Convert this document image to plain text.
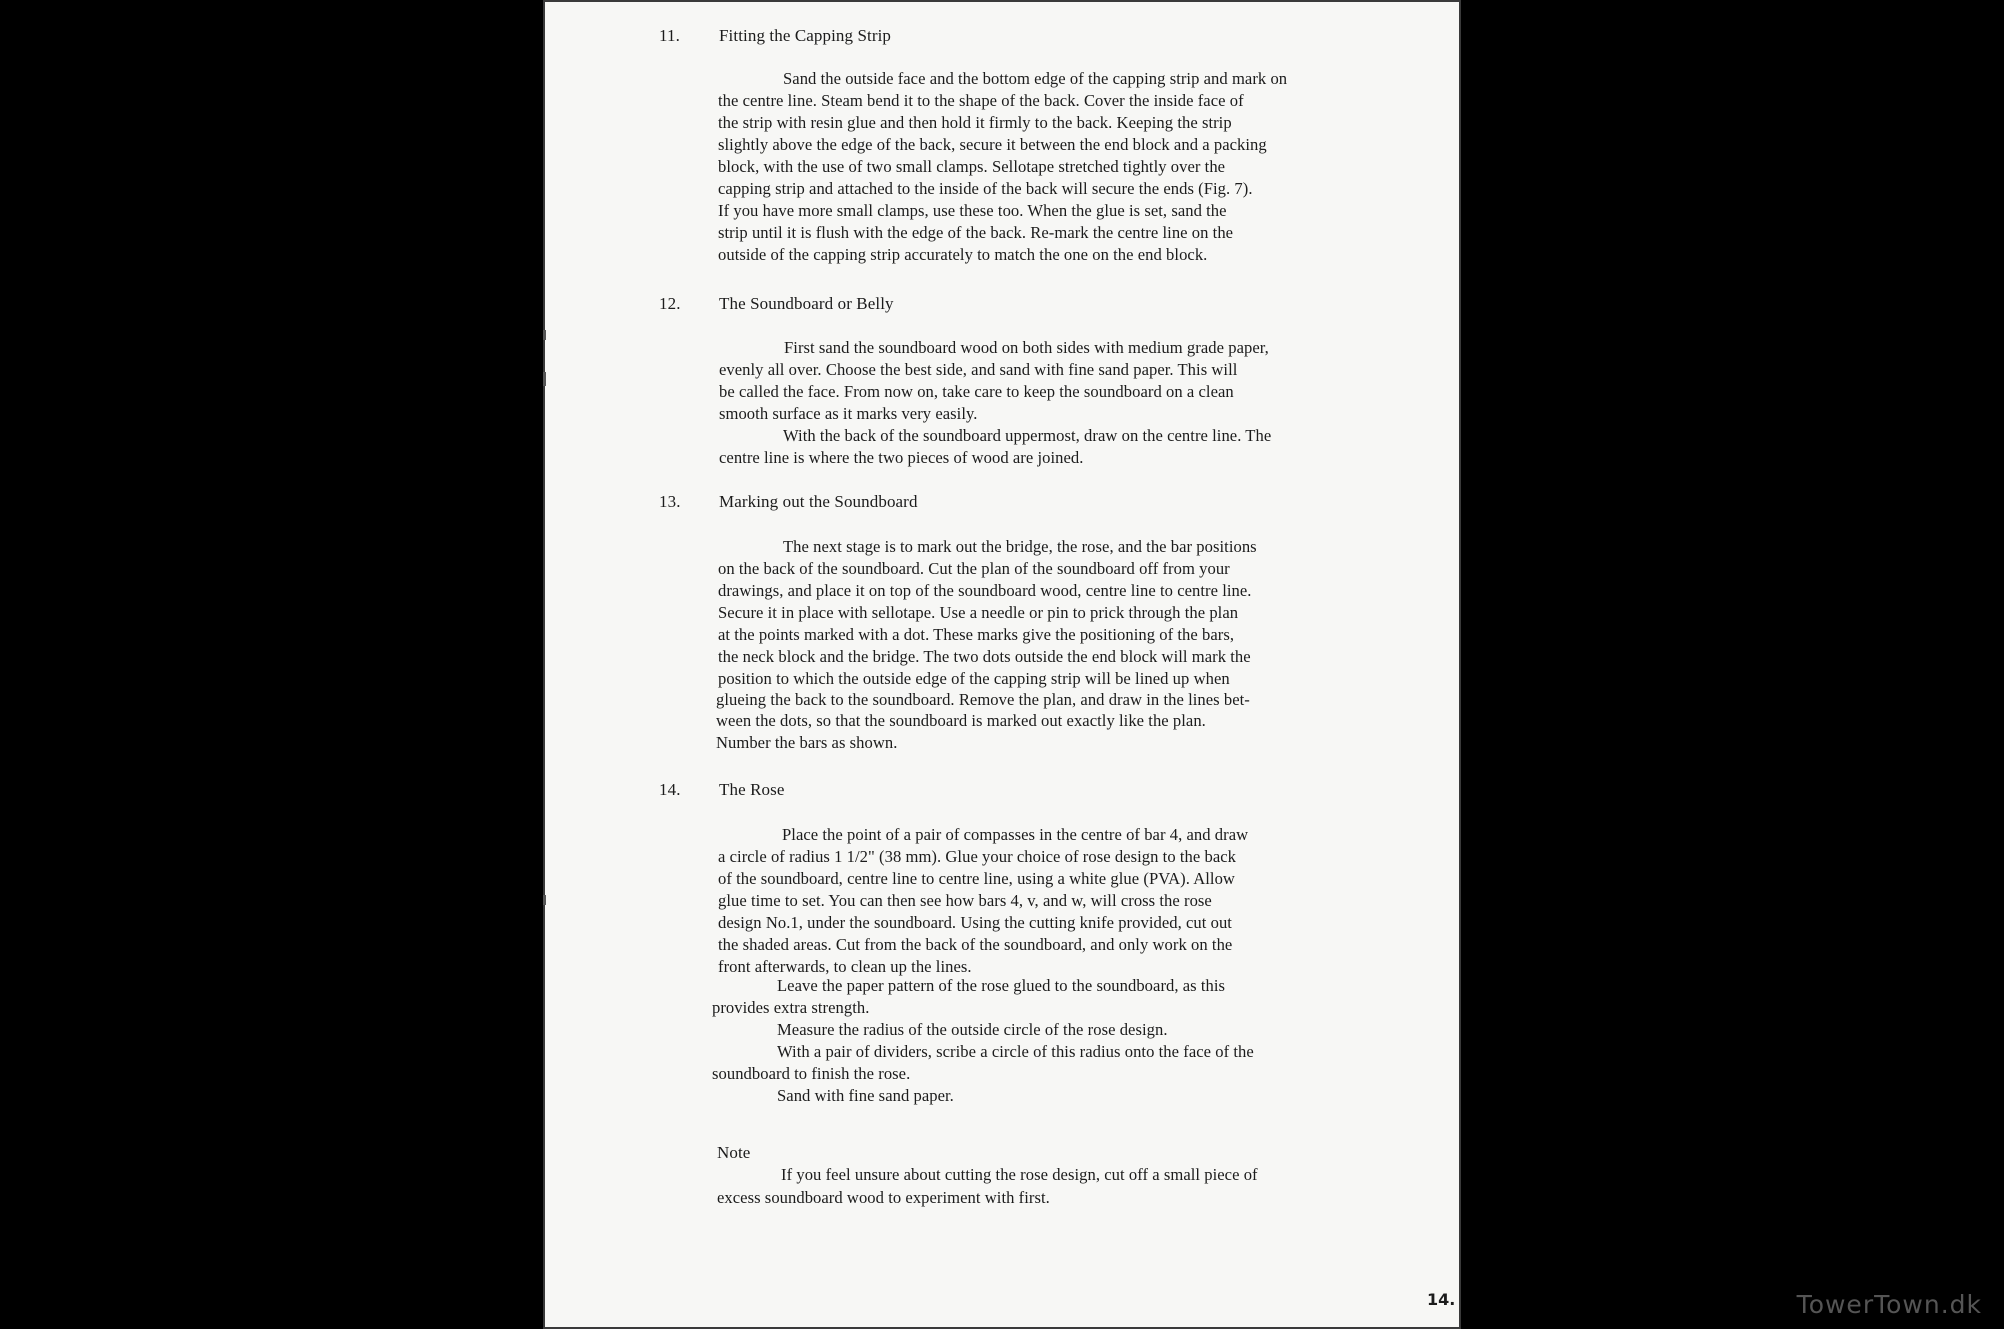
11. Fitting the Capping Strip
Sand the outside face and the bottom edge of the capping strip and mark on
the centre line. Steam bend it to the shape of the back. Cover the inside face of
the strip with resin glue and then hold it firmly to the back. Keeping the strip
slightly above the edge of the back, secure it between the end block and a packing
block, with the use of two small clamps. Sellotape stretched tightly over the
capping strip and attached to the inside of the back will secure the ends (Fig. 7).
If you have more small clamps, use these too. When the glue is set, sand the
strip until it is flush with the edge of the back. Re-mark the centre line on the
outside of the capping strip accurately to match the one on the end block.
12. The Soundboard or Belly
First sand the soundboard wood on both sides with medium grade paper,
evenly all over. Choose the best side, and sand with fine sand paper. This will
be called the face. From now on, take care to keep the soundboard on a clean
smooth surface as it marks very easily.
With the back of the soundboard uppermost, draw on the centre line. The
centre line is where the two pieces of wood are joined.
13. Marking out the Soundboard
The next stage is to mark out the bridge, the rose, and the bar positions
on the back of the soundboard. Cut the plan of the soundboard off from your
drawings, and place it on top of the soundboard wood, centre line to centre line.
Secure it in place with sellotape. Use a needle or pin to prick through the plan
at the points marked with a dot. These marks give the positioning of the bars,
the neck block and the bridge. The two dots outside the end block will mark the
position to which the outside edge of the capping strip will be lined up when
glueing the back to the soundboard. Remove the plan, and draw in the lines bet-
ween the dots, so that the soundboard is marked out exactly like the plan.
Number the bars as shown.
14. The Rose
Place the point of a pair of compasses in the centre of bar 4, and draw
a circle of radius 1 1/2" (38 mm). Glue your choice of rose design to the back
of the soundboard, centre line to centre line, using a white glue (PVA). Allow
glue time to set. You can then see how bars 4, v, and w, will cross the rose
design No.1, under the soundboard. Using the cutting knife provided, cut out
the shaded areas. Cut from the back of the soundboard, and only work on the
front afterwards, to clean up the lines.
Leave the paper pattern of the rose glued to the soundboard, as this
provides extra strength.
Measure the radius of the outside circle of the rose design.
With a pair of dividers, scribe a circle of this radius onto the face of the
soundboard to finish the rose.
Sand with fine sand paper.
Note
If you feel unsure about cutting the rose design, cut off a small piece of
excess soundboard wood to experiment with first.
14.	TowerTown.dk
